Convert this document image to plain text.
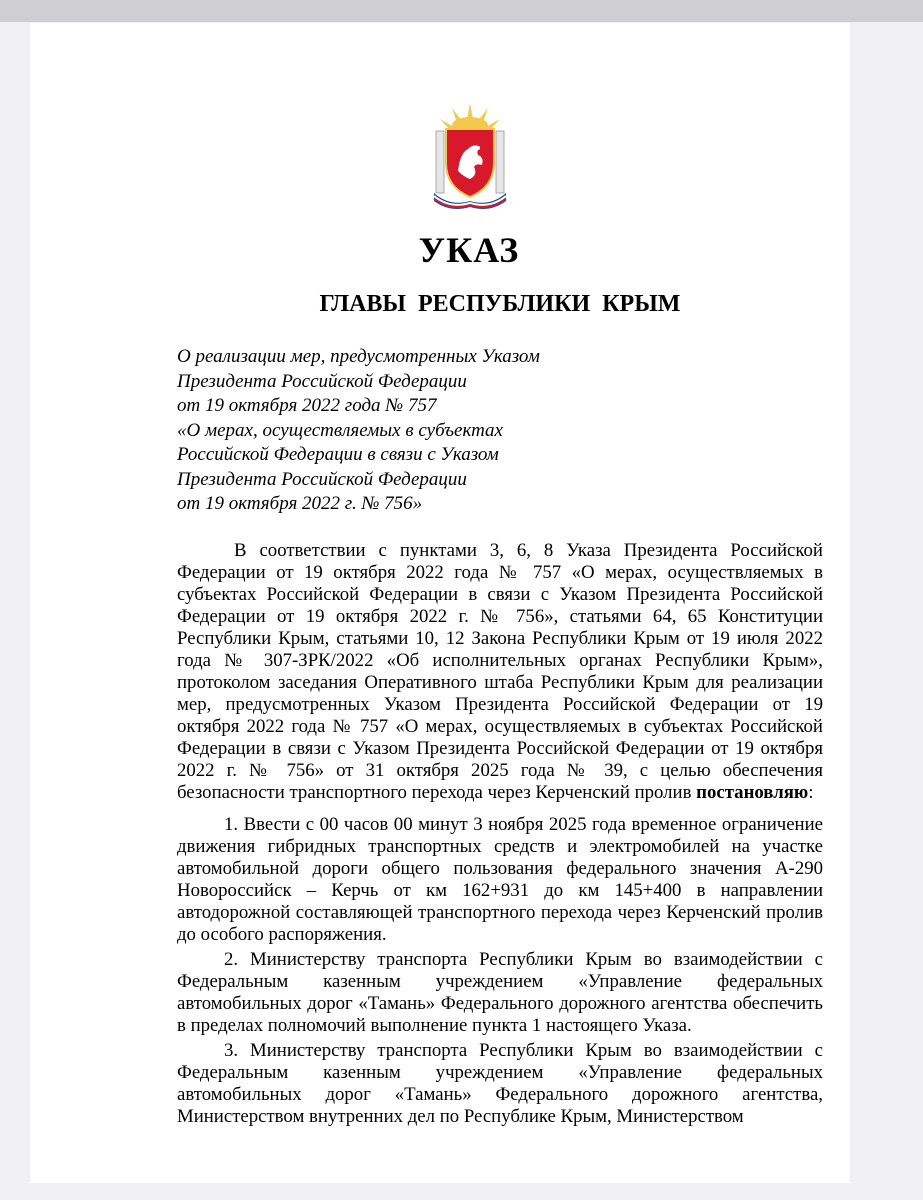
УКАЗ
ГЛАВЫ РЕСПУБЛИКИ КРЫМ
О реализации мер, предусмотренных Указом
Президента Российской Федерации
от 19 октября 2022 года № 757
«О мерах, осуществляемых в субъектах
Российской Федерации в связи с Указом
Президента Российской Федерации
от 19 октября 2022 г. № 756»

В соответствии с пунктами 3, 6, 8 Указа Президента Российской Федерации от 19 октября 2022 года № 757 «О мерах, осуществляемых в субъектах Российской Федерации в связи с Указом Президента Российской Федерации от 19 октября 2022 г. № 756», статьями 64, 65 Конституции Республики Крым, статьями 10, 12 Закона Республики Крым от 19 июля 2022 года № 307-ЗРК/2022 «Об исполнительных органах Республики Крым», протоколом заседания Оперативного штаба Республики Крым для реализации мер, предусмотренных Указом Президента Российской Федерации от 19 октября 2022 года № 757 «О мерах, осуществляемых в субъектах Российской Федерации в связи с Указом Президента Российской Федерации от 19 октября 2022 г. № 756» от 31 октября 2025 года № 39, с целью обеспечения безопасности транспортного перехода через Керченский пролив постановляю:

1. Ввести с 00 часов 00 минут 3 ноября 2025 года временное ограничение движения гибридных транспортных средств и электромобилей на участке автомобильной дороги общего пользования федерального значения А-290 Новороссийск – Керчь от км 162+931 до км 145+400 в направлении автодорожной составляющей транспортного перехода через Керченский пролив до особого распоряжения.

2. Министерству транспорта Республики Крым во взаимодействии с Федеральным казенным учреждением «Управление федеральных автомобильных дорог «Тамань» Федерального дорожного агентства обеспечить в пределах полномочий выполнение пункта 1 настоящего Указа.

3. Министерству транспорта Республики Крым во взаимодействии с Федеральным казенным учреждением «Управление федеральных автомобильных дорог «Тамань» Федерального дорожного агентства, Министерством внутренних дел по Республике Крым, Министерством
